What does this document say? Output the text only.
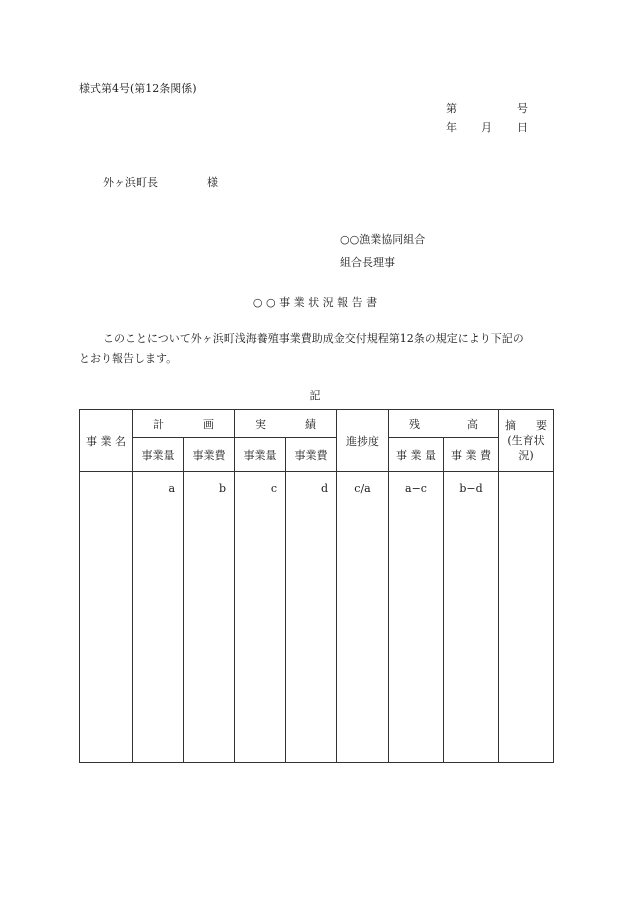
様式第4号(第12条関係)
第	号
年 月 日
外ヶ浜町長	様
○○漁業協同組合
組合長理事
○ ○ 事 業 状 況 報 告 書
このことについて外ヶ浜町浅海養殖事業費助成金交付規程第12条の規定により下記の
とおり報告します。
記
事 業 名	計 画		実 績		進捗度	残 高		摘 要
(生育状
況)

	事業量	事業費	事業量	事業費		事 業 量	事 業 費	

	a	b	c	d	c/a	a−c	b−d	
